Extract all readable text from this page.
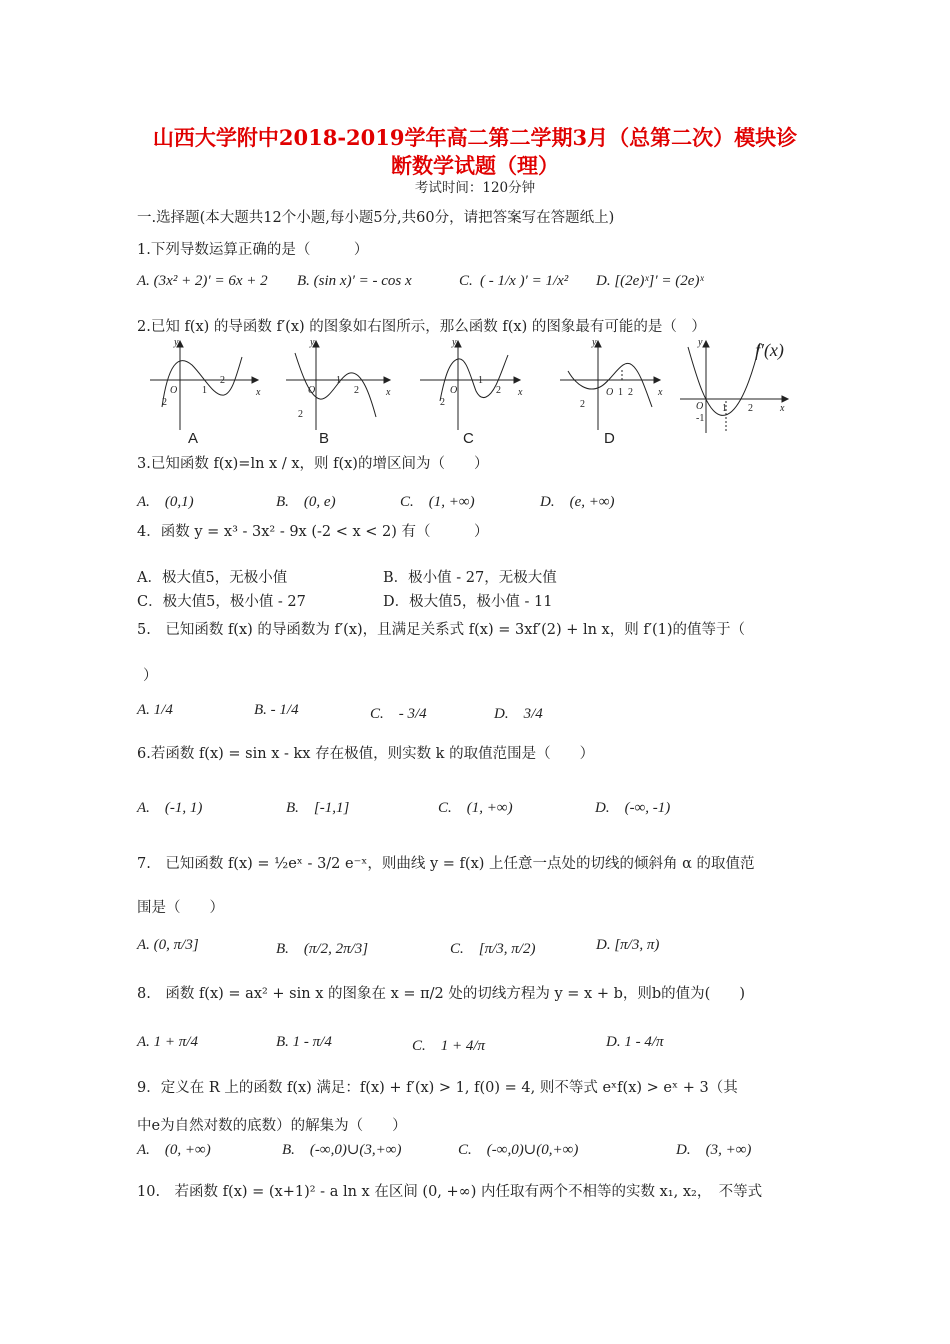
山西大学附中2018-2019学年高二第二学期3月（总第二次）模块诊
断数学试题（理）
考试时间：120分钟
一.选择题(本大题共12个小题,每小题5分,共60分，请把答案写在答题纸上)
1.下列导数运算正确的是（　　　）
A. (3x² + 2)′ = 6x + 2 B. (sin x)′ = - cos x	C. ( - 1/x )′ = 1/x² D. [(2e)ˣ]′ = (2e)ˣ
2.已知 f(x) 的导函数 f′(x) 的图象如右图所示，那么函数 f(x) 的图象最有可能的是（　）
y
x
O 1
2
2
y
x
O
1
2
2
y
x
O
1
2
2
y
x
O 1 2
2
y
x
O 1 2
-1
f′(x)
A	B	C	D
3.已知函数 f(x)=ln x / x，则 f(x)的增区间为（　　）
A.　(0,1)	B.　(0, e)	C.　(1, +∞)	D.　(e, +∞)
4．函数 y = x³ - 3x² - 9x (-2 < x < 2) 有（　　　）
A．极大值5，无极小值	B．极小值 - 27，无极大值
C．极大值5，极小值 - 27	D．极大值5，极小值 - 11
5.　已知函数 f(x) 的导函数为 f′(x)，且满足关系式 f(x) = 3xf′(2) + ln x，则 f′(1)的值等于（
）
A. 1/4	B. - 1/4	C.　- 3/4	D.　3/4
6.若函数 f(x) = sin x - kx 存在极值，则实数 k 的取值范围是（　　）
A.　(-1, 1)	B.　[-1,1]	C.　(1, +∞)	D.　(-∞, -1)
7.　已知函数 f(x) = ½eˣ - 3/2 e⁻ˣ，则曲线 y = f(x) 上任意一点处的切线的倾斜角 α 的取值范
围是（　　）
A. (0, π/3]	B.　(π/2, 2π/3]	C.　[π/3, π/2)	D. [π/3, π)
8.　函数 f(x) = ax² + sin x 的图象在 x = π/2 处的切线方程为 y = x + b，则b的值为(　　)
A. 1 + π/4	B. 1 - π/4	C.　1 + 4/π	D. 1 - 4/π
9．定义在 R 上的函数 f(x) 满足：f(x) + f′(x) > 1, f(0) = 4, 则不等式 eˣf(x) > eˣ + 3（其
中e为自然对数的底数）的解集为（　　）
A.　(0, +∞)	B.　(-∞,0)∪(3,+∞)	C.　(-∞,0)∪(0,+∞)	D.　(3, +∞)
10.　若函数 f(x) = (x+1)² - a ln x 在区间 (0, +∞) 内任取有两个不相等的实数 x₁, x₂，　不等式
